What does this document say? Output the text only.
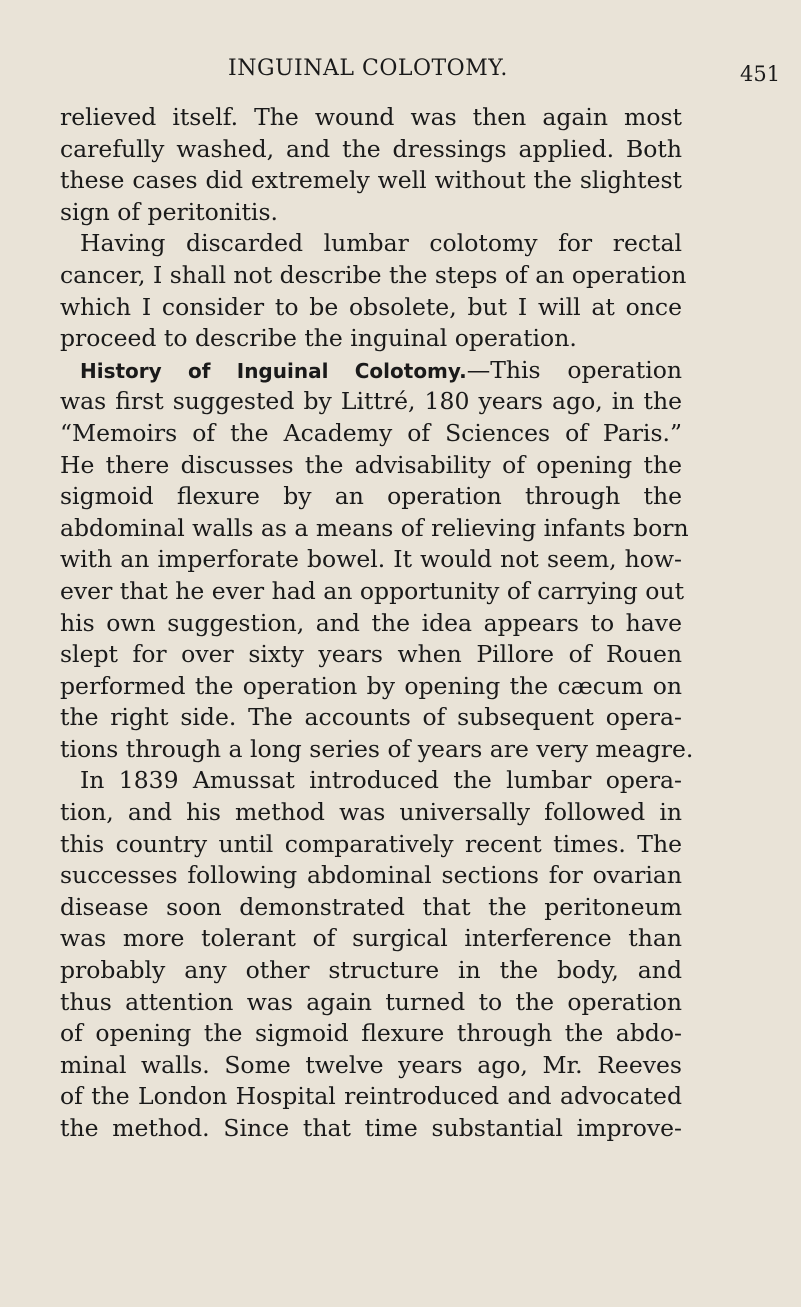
INGUINAL COLOTOMY.	451
relieved itself. The wound was then again most
carefully washed, and the dressings applied. Both
these cases did extremely well without the slightest
sign of peritonitis.
Having discarded lumbar colotomy for rectal
cancer, I shall not describe the steps of an operation
which I consider to be obsolete, but I will at once
proceed to describe the inguinal operation.
History of Inguinal Colotomy.—This operation
was first suggested by Littré, 180 years ago, in the
“Memoirs of the Academy of Sciences of Paris.”
He there discusses the advisability of opening the
sigmoid flexure by an operation through the
abdominal walls as a means of relieving infants born
with an imperforate bowel. It would not seem, how-
ever that he ever had an opportunity of carrying out
his own suggestion, and the idea appears to have
slept for over sixty years when Pillore of Rouen
performed the operation by opening the cæcum on
the right side. The accounts of subsequent opera-
tions through a long series of years are very meagre.
In 1839 Amussat introduced the lumbar opera-
tion, and his method was universally followed in
this country until comparatively recent times. The
successes following abdominal sections for ovarian
disease soon demonstrated that the peritoneum
was more tolerant of surgical interference than
probably any other structure in the body, and
thus attention was again turned to the operation
of opening the sigmoid flexure through the abdo-
minal walls. Some twelve years ago, Mr. Reeves
of the London Hospital reintroduced and advocated
the method. Since that time substantial improve-
